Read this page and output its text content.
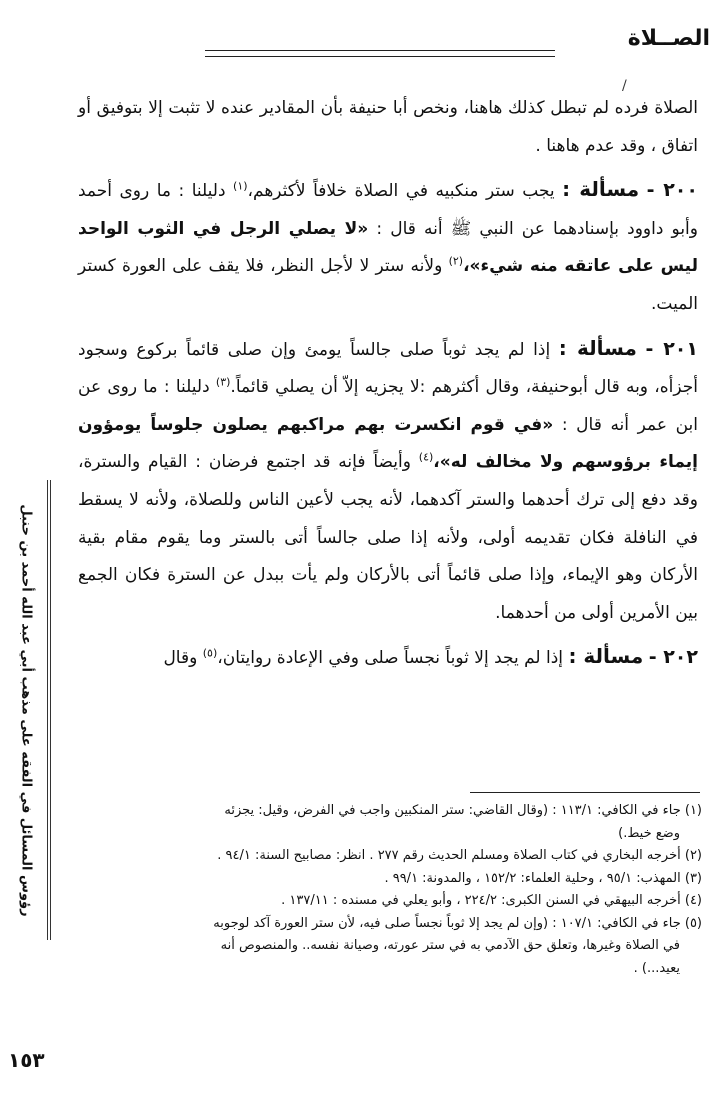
الصــلاة
/

الصلاة فرده لم تبطل كذلك هاهنا، ونخص أبا حنيفة بأن المقادير عنده لا تثبت إلا بتوفيق أو اتفاق ، وقد عدم هاهنا .

٢٠٠ - مسألة : يجب ستر منكبيه في الصلاة خلافاً لأكثرهم،$^{(١)}$ دليلنا : ما روى أحمد وأبو داوود بإسنادهما عن النبي ﷺ أنه قال : «لا يصلي الرجل في الثوب الواحد ليس على عاتقه منه شيء»،$^{(٢)}$ ولأنه ستر لا لأجل النظر، فلا يقف على العورة كستر الميت.

٢٠١ - مسألة : إذا لم يجد ثوباً صلى جالساً يومئ وإن صلى قائماً بركوع وسجود أجزأه، وبه قال أبوحنيفة، وقال أكثرهم :لا يجزيه إلاّ أن يصلي قائماً.$^{(٣)}$ دليلنا : ما روى عن ابن عمر أنه قال : «في قوم انكسرت بهم مراكبهم يصلون جلوساً يومؤون إيماء برؤوسهم ولا مخالف له»،$^{(٤)}$ وأيضاً فإنه قد اجتمع فرضان : القيام والسترة، وقد دفع إلى ترك أحدهما والستر آكدهما، لأنه يجب لأعين الناس وللصلاة، ولأنه لا يسقط في النافلة فكان تقديمه أولى، ولأنه إذا صلى جالساً أتى بالستر وما يقوم مقام بقية الأركان وهو الإيماء، وإذا صلى قائماً أتى بالأركان ولم يأت ببدل عن السترة فكان الجمع بين الأمرين أولى من أحدهما.

٢٠٢ - مسألة : إذا لم يجد إلا ثوباً نجساً صلى وفي الإعادة روايتان،$^{(٥)}$ وقال

رؤوس المسائل في الفقه على مذهب أبي عبد الله أحمد بن حنبل	(١) جاء في الكافي: ١١٣/١ : (وقال القاضي: ستر المنكبين واجب في الفرض، وقيل: يجزئه

وضع خيط.)

(٢) أخرجه البخاري في كتاب الصلاة ومسلم الحديث رقم ٢٧٧ . انظر: مصابيح السنة: ٩٤/١ .

(٣) المهذب: ٩٥/١ ، وحلية العلماء: ١٥٢/٢ ، والمدونة: ٩٩/١ .

(٤) أخرجه البيهقي في السنن الكبرى: ٢٢٤/٢ ، وأبو يعلي في مسنده : ١٣٧/١١ .

(٥) جاء في الكافي: ١٠٧/١ : (وإن لم يجد إلا ثوباً نجساً صلى فيه، لأن ستر العورة آكد لوجوبه

في الصلاة وغيرها، وتعلق حق الآدمي به في ستر عورته، وصيانة نفسه.. والمنصوص أنه

يعيد...) .

١٥٣
